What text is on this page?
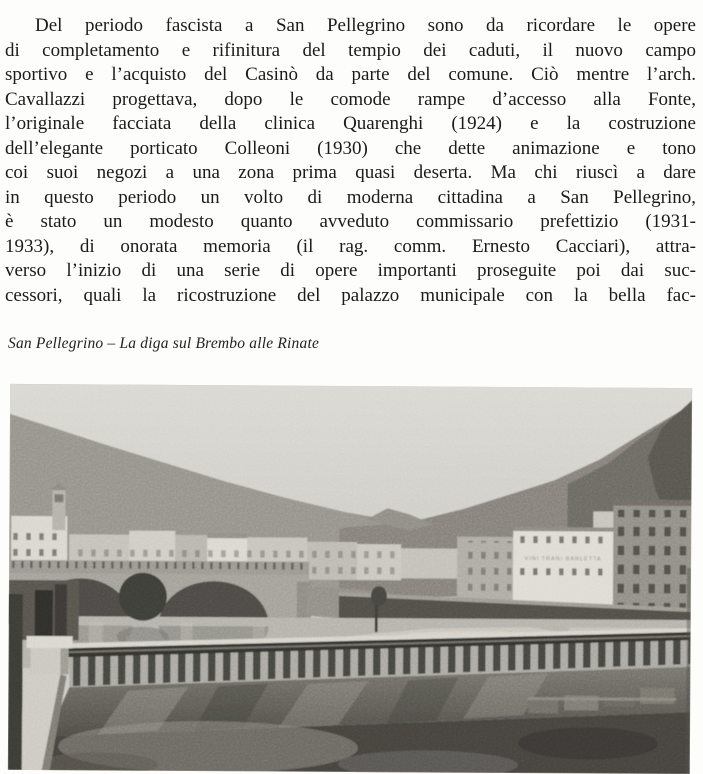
Del periodo fascista a San Pellegrino sono da ricordare le opere
di completamento e rifinitura del tempio dei caduti, il nuovo campo
sportivo e l’acquisto del Casinò da parte del comune. Ciò mentre l’arch.
Cavallazzi progettava, dopo le comode rampe d’accesso alla Fonte,
l’originale facciata della clinica Quarenghi (1924) e la costruzione
dell’elegante porticato Colleoni (1930) che dette animazione e tono
coi suoi negozi a una zona prima quasi deserta. Ma chi riuscì a dare
in questo periodo un volto di moderna cittadina a San Pellegrino,
è stato un modesto quanto avveduto commissario prefettizio (1931-
1933), di onorata memoria (il rag. comm. Ernesto Cacciari), attra-
verso l’inizio di una serie di opere importanti proseguite poi dai suc-
cessori, quali la ricostruzione del palazzo municipale con la bella fac-
San Pellegrino – La diga sul Brembo alle Rinate
VINI TRANI BARLETTA
